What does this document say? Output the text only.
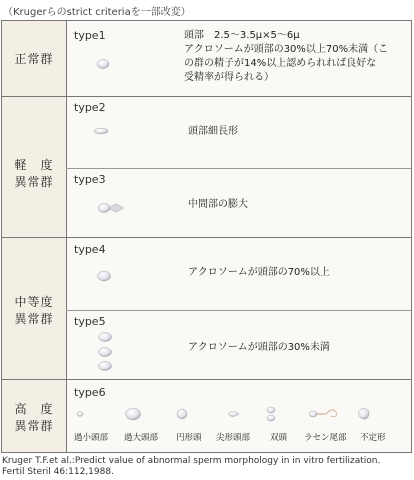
（Krugerらのstrict criteriaを一部改変）
正常群
軽　度
異常群
中等度
異常群
高　度
異常群
type1
type2
type3
type4
type5
type6
頭部　2.5〜3.5μ×5〜6μ
アクロソームが頭部の30%以上70%未満（こ
の群の精子が14%以上認められれば良好な
受精率が得られる）
頭部細長形
中間部の膨大
アクロソームが頭部の70%以上
アクロソームが頭部の30%未満
過小頭部 過大頭部 円形頭 尖形頭部 双頭 ラセン尾部 不定形
Kruger T.F.et al.:Predict value of abnormal sperm morphology in in vitro fertilization.
Fertil Steril 46:112,1988.
